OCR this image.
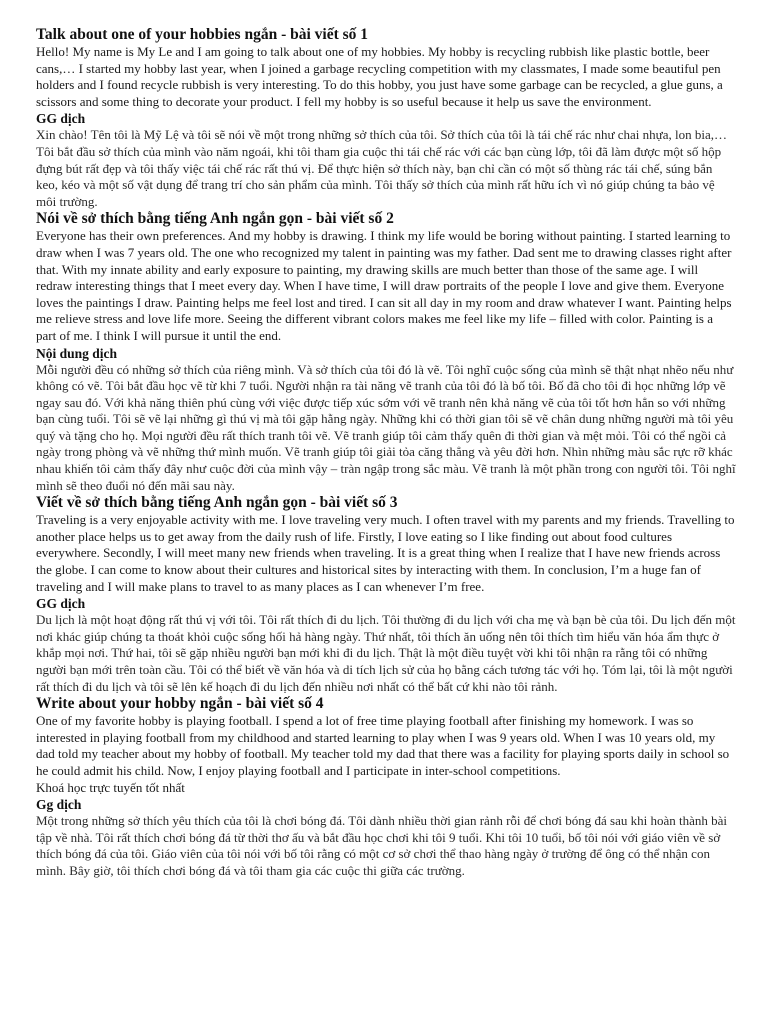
Talk about one of your hobbies ngắn - bài viết số 1

Hello! My name is My Le and I am going to talk about one of my hobbies. My hobby is recycling rubbish like plastic bottle, beer cans,… I started my hobby last year, when I joined a garbage recycling competition with my classmates, I made some beautiful pen holders and I found recycle rubbish is very interesting. To do this hobby, you just have some garbage can be recycled, a glue guns, a scissors and some thing to decorate your product. I fell my hobby is so useful because it help us save the environment.

GG dịch

Xin chào! Tên tôi là Mỹ Lệ và tôi sẽ nói về một trong những sở thích của tôi. Sở thích của tôi là tái chế rác như chai nhựa, lon bia,… Tôi bắt đầu sở thích của mình vào năm ngoái, khi tôi tham gia cuộc thi tái chế rác với các bạn cùng lớp, tôi đã làm được một số hộp đựng bút rất đẹp và tôi thấy việc tái chế rác rất thú vị. Để thực hiện sở thích này, bạn chỉ cần có một số thùng rác tái chế, súng bắn keo, kéo và một số vật dụng để trang trí cho sản phẩm của mình. Tôi thấy sở thích của mình rất hữu ích vì nó giúp chúng ta bảo vệ môi trường.

Nói về sở thích bằng tiếng Anh ngắn gọn - bài viết số 2

Everyone has their own preferences. And my hobby is drawing. I think my life would be boring without painting. I started learning to draw when I was 7 years old. The one who recognized my talent in painting was my father. Dad sent me to drawing classes right after that. With my innate ability and early exposure to painting, my drawing skills are much better than those of the same age. I will redraw interesting things that I meet every day. When I have time, I will draw portraits of the people I love and give them. Everyone loves the paintings I draw. Painting helps me feel lost and tired. I can sit all day in my room and draw whatever I want. Painting helps me relieve stress and love life more. Seeing the different vibrant colors makes me feel like my life – filled with color. Painting is a part of me. I think I will pursue it until the end.

Nội dung dịch

Mỗi người đều có những sở thích của riêng mình. Và sở thích của tôi đó là vẽ. Tôi nghĩ cuộc sống của mình sẽ thật nhạt nhẽo nếu như không có vẽ. Tôi bắt đầu học vẽ từ khi 7 tuổi. Người nhận ra tài năng vẽ tranh của tôi đó là bố tôi. Bố đã cho tôi đi học những lớp vẽ ngay sau đó. Với khả năng thiên phú cùng với việc được tiếp xúc sớm với vẽ tranh nên khả năng vẽ của tôi tốt hơn hẳn so với những bạn cùng tuổi. Tôi sẽ vẽ lại những gì thú vị mà tôi gặp hằng ngày. Những khi có thời gian tôi sẽ vẽ chân dung những người mà tôi yêu quý và tặng cho họ. Mọi người đều rất thích tranh tôi vẽ. Vẽ tranh giúp tôi cảm thấy quên đi thời gian và mệt mỏi. Tôi có thể ngồi cả ngày trong phòng và vẽ những thứ mình muốn. Vẽ tranh giúp tôi giải tỏa căng thẳng và yêu đời hơn. Nhìn những màu sắc rực rỡ khác nhau khiến tôi cảm thấy đây như cuộc đời của mình vậy – tràn ngập trong sắc màu. Vẽ tranh là một phần trong con người tôi. Tôi nghĩ mình sẽ theo đuổi nó đến mãi sau này.

Viết về sở thích bằng tiếng Anh ngắn gọn - bài viết số 3

Traveling is a very enjoyable activity with me. I love traveling very much. I often travel with my parents and my friends. Travelling to another place helps us to get away from the daily rush of life. Firstly, I love eating so I like finding out about food cultures everywhere. Secondly, I will meet many new friends when traveling. It is a great thing when I realize that I have new friends across the globe. I can come to know about their cultures and historical sites by interacting with them. In conclusion, I’m a huge fan of traveling and I will make plans to travel to as many places as I can whenever I’m free.

GG dịch

Du lịch là một hoạt động rất thú vị với tôi. Tôi rất thích đi du lịch. Tôi thường đi du lịch với cha mẹ và bạn bè của tôi. Du lịch đến một nơi khác giúp chúng ta thoát khỏi cuộc sống hối hả hàng ngày. Thứ nhất, tôi thích ăn uống nên tôi thích tìm hiểu văn hóa ẩm thực ở khắp mọi nơi. Thứ hai, tôi sẽ gặp nhiều người bạn mới khi đi du lịch. Thật là một điều tuyệt vời khi tôi nhận ra rằng tôi có những người bạn mới trên toàn cầu. Tôi có thể biết về văn hóa và di tích lịch sử của họ bằng cách tương tác với họ. Tóm lại, tôi là một người rất thích đi du lịch và tôi sẽ lên kế hoạch đi du lịch đến nhiều nơi nhất có thể bất cứ khi nào tôi rảnh.

Write about your hobby ngắn - bài viết số 4

One of my favorite hobby is playing football. I spend a lot of free time playing football after finishing my homework. I was so interested in playing football from my childhood and started learning to play when I was 9 years old. When I was 10 years old, my dad told my teacher about my hobby of football. My teacher told my dad that there was a facility for playing sports daily in school so he could admit his child. Now, I enjoy playing football and I participate in inter-school competitions.

Khoá học trực tuyến tốt nhất

Gg dịch

Một trong những sở thích yêu thích của tôi là chơi bóng đá. Tôi dành nhiều thời gian rảnh rỗi để chơi bóng đá sau khi hoàn thành bài tập về nhà. Tôi rất thích chơi bóng đá từ thời thơ ấu và bắt đầu học chơi khi tôi 9 tuổi. Khi tôi 10 tuổi, bố tôi nói với giáo viên về sở thích bóng đá của tôi. Giáo viên của tôi nói với bố tôi rằng có một cơ sở chơi thể thao hàng ngày ở trường để ông có thể nhận con mình. Bây giờ, tôi thích chơi bóng đá và tôi tham gia các cuộc thi giữa các trường.
